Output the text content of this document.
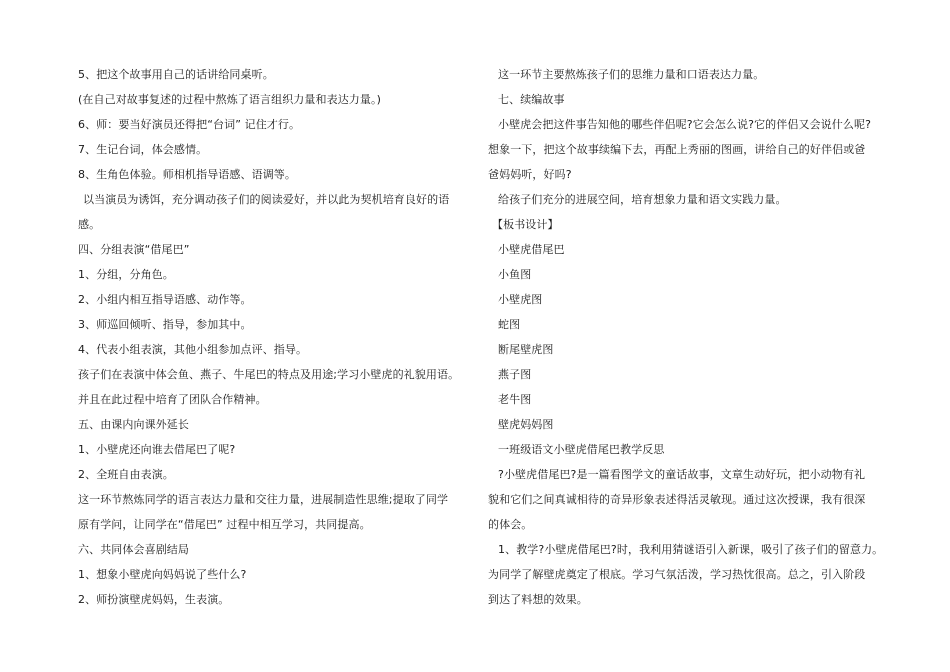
5、把这个故事用自己的话讲给同桌听。
(在自己对故事复述的过程中熬炼了语言组织力量和表达力量。)
6、师：要当好演员还得把“台词” 记住才行。
7、生记台词，体会感情。
8、生角色体验。师相机指导语感、语调等。
以当演员为诱饵，充分调动孩子们的阅读爱好，并以此为契机培育良好的语
感。
四、分组表演“借尾巴”
1、分组，分角色。
2、小组内相互指导语感、动作等。
3、师巡回倾听、指导，参加其中。
4、代表小组表演，其他小组参加点评、指导。
孩子们在表演中体会鱼、燕子、牛尾巴的特点及用途;学习小壁虎的礼貌用语。
并且在此过程中培育了团队合作精神。
五、由课内向课外延长
1、小壁虎还向谁去借尾巴了呢?
2、全班自由表演。
这一环节熬炼同学的语言表达力量和交往力量，进展制造性思维;提取了同学
原有学问，让同学在“借尾巴” 过程中相互学习，共同提高。
六、共同体会喜剧结局
1、想象小壁虎向妈妈说了些什么?
2、师扮演壁虎妈妈，生表演。
这一环节主要熬炼孩子们的思维力量和口语表达力量。
七、续编故事
小壁虎会把这件事告知他的哪些伴侣呢?它会怎么说?它的伴侣又会说什么呢?
想象一下，把这个故事续编下去，再配上秀丽的图画，讲给自己的好伴侣或爸
爸妈妈听，好吗?
给孩子们充分的进展空间，培育想象力量和语文实践力量。
【板书设计】
小壁虎借尾巴
小鱼图
小壁虎图
蛇图
断尾壁虎图
燕子图
老牛图
壁虎妈妈图
一班级语文小壁虎借尾巴教学反思
?小壁虎借尾巴?是一篇看图学文的童话故事，文章生动好玩，把小动物有礼
貌和它们之间真诚相待的奇异形象表述得活灵敏现。通过这次授课，我有很深
的体会。
1、教学?小壁虎借尾巴?时，我利用猜谜语引入新课，吸引了孩子们的留意力。
为同学了解壁虎奠定了根底。学习气氛活泼，学习热忱很高。总之，引入阶段
到达了料想的效果。
